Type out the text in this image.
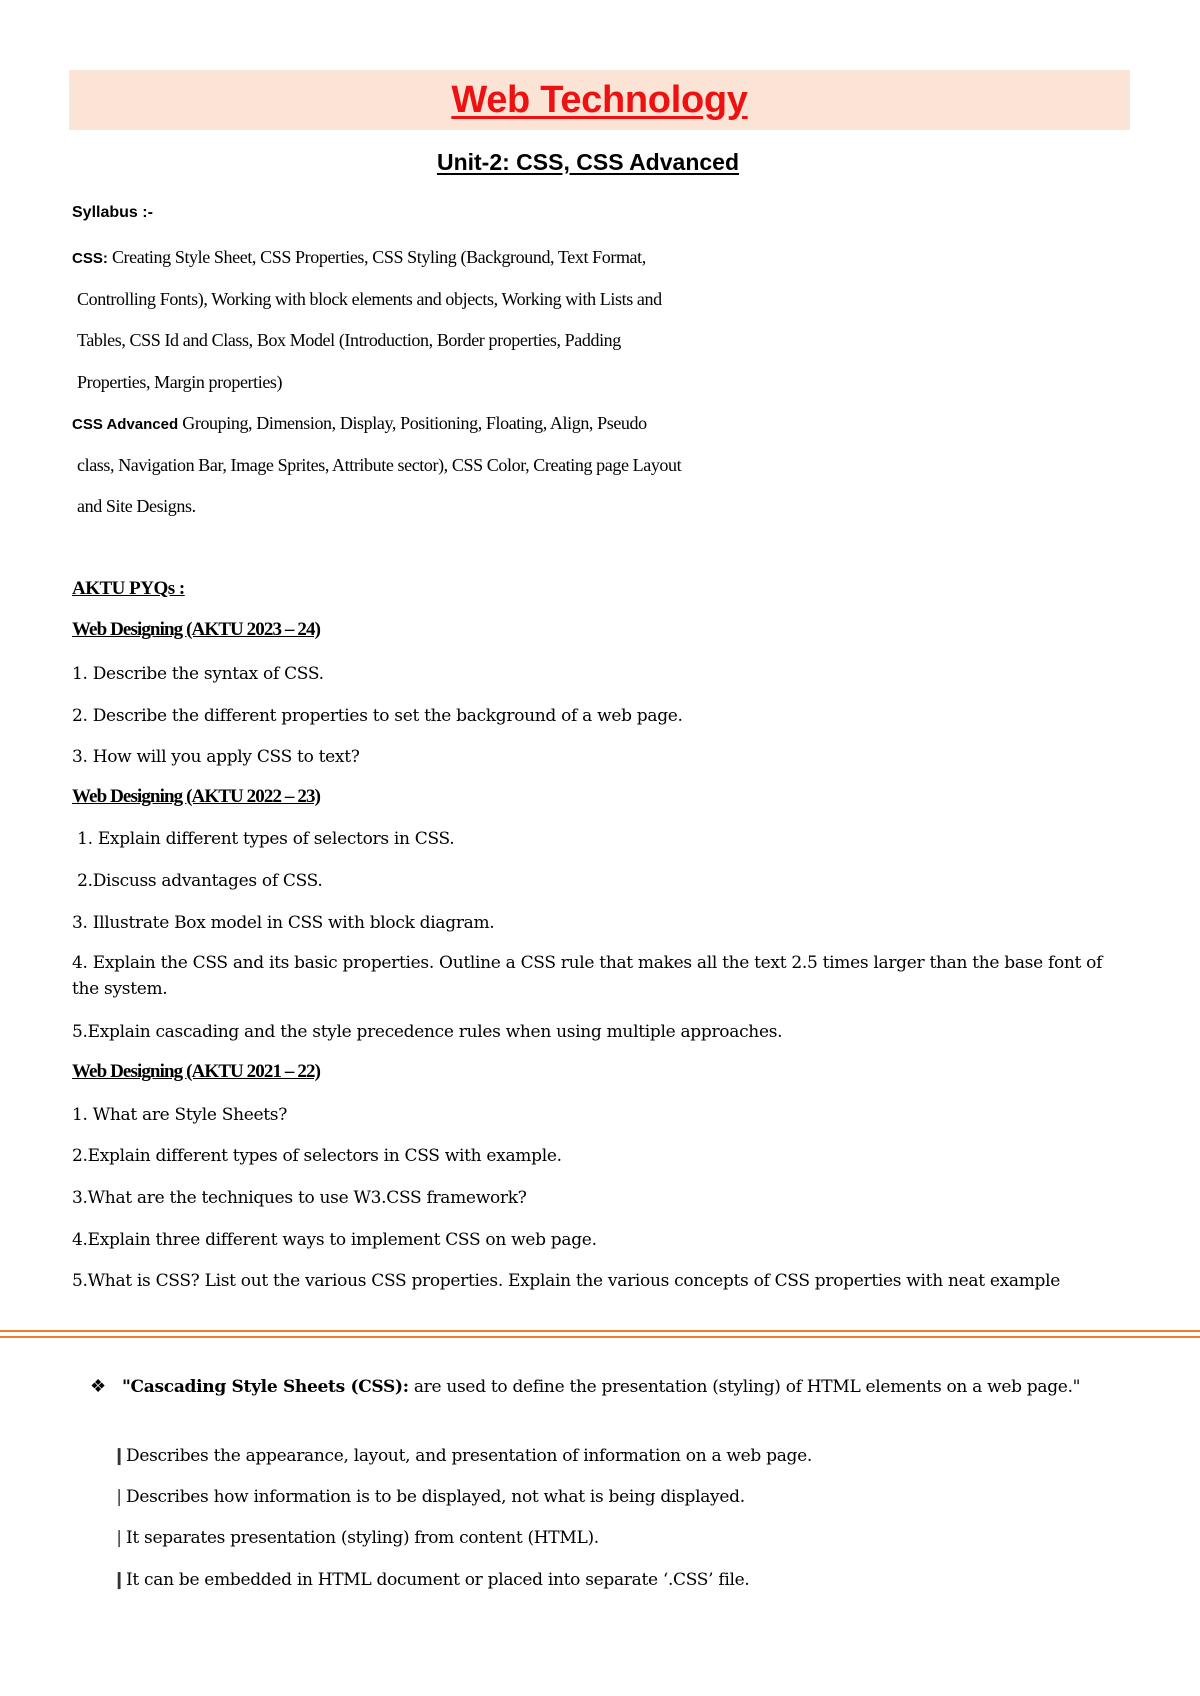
Web Technology
Unit-2: CSS, CSS Advanced
Syllabus :-
CSS: Creating Style Sheet, CSS Properties, CSS Styling (Background, Text Format,
Controlling Fonts), Working with block elements and objects, Working with Lists and
Tables, CSS Id and Class, Box Model (Introduction, Border properties, Padding
Properties, Margin properties)
CSS Advanced Grouping, Dimension, Display, Positioning, Floating, Align, Pseudo
class, Navigation Bar, Image Sprites, Attribute sector), CSS Color, Creating page Layout
and Site Designs.
AKTU PYQs :
Web Designing (AKTU 2023 – 24)
1. Describe the syntax of CSS.
2. Describe the different properties to set the background of a web page.
3. How will you apply CSS to text?
Web Designing (AKTU 2022 – 23)
1. Explain different types of selectors in CSS.
2.Discuss advantages of CSS.
3. Illustrate Box model in CSS with block diagram.
4. Explain the CSS and its basic properties. Outline a CSS rule that makes all the text 2.5 times larger than the base font of the system.
5.Explain cascading and the style precedence rules when using multiple approaches.
Web Designing (AKTU 2021 – 22)
1. What are Style Sheets?
2.Explain different types of selectors in CSS with example.
3.What are the techniques to use W3.CSS framework?
4.Explain three different ways to implement CSS on web page.
5.What is CSS? List out the various CSS properties. Explain the various concepts of CSS properties with neat example
❖ "Cascading Style Sheets (CSS): are used to define the presentation (styling) of HTML elements on a web page."
❙Describes the appearance, layout, and presentation of information on a web page.
❘Describes how information is to be displayed, not what is being displayed.
❘It separates presentation (styling) from content (HTML).
❙It can be embedded in HTML document or placed into separate ‘.CSS’ file.
